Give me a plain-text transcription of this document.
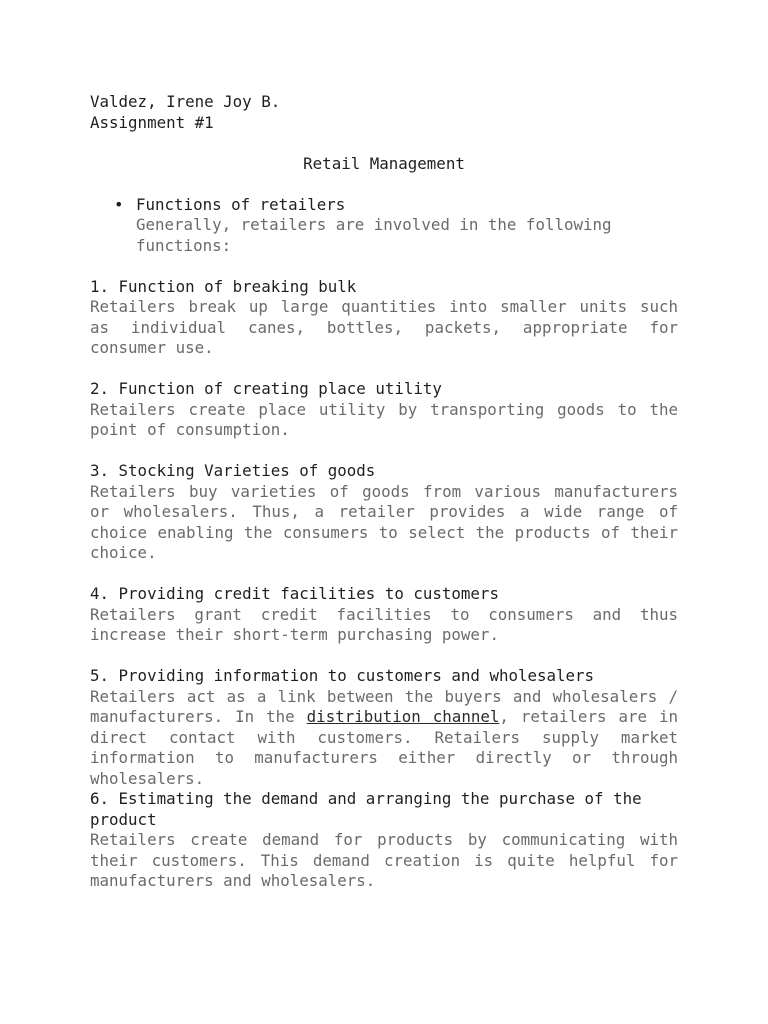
Valdez, Irene Joy B.
Assignment #1
Retail Management
• Functions of retailers
Generally, retailers are involved in the following functions:
1. Function of breaking bulk
Retailers break up large quantities into smaller units such as individual canes, bottles, packets, appropriate for consumer use.
2. Function of creating place utility
Retailers create place utility by transporting goods to the point of consumption.
3. Stocking Varieties of goods
Retailers buy varieties of goods from various manufacturers or wholesalers. Thus, a retailer provides a wide range of choice enabling the consumers to select the products of their choice.
4. Providing credit facilities to customers
Retailers grant credit facilities to consumers and thus increase their short-term purchasing power.
5. Providing information to customers and wholesalers
Retailers act as a link between the buyers and wholesalers / manufacturers. In the distribution channel, retailers are in direct contact with customers. Retailers supply market information to manufacturers either directly or through wholesalers.
6. Estimating the demand and arranging the purchase of the product
Retailers create demand for products by communicating with their customers. This demand creation is quite helpful for manufacturers and wholesalers.
